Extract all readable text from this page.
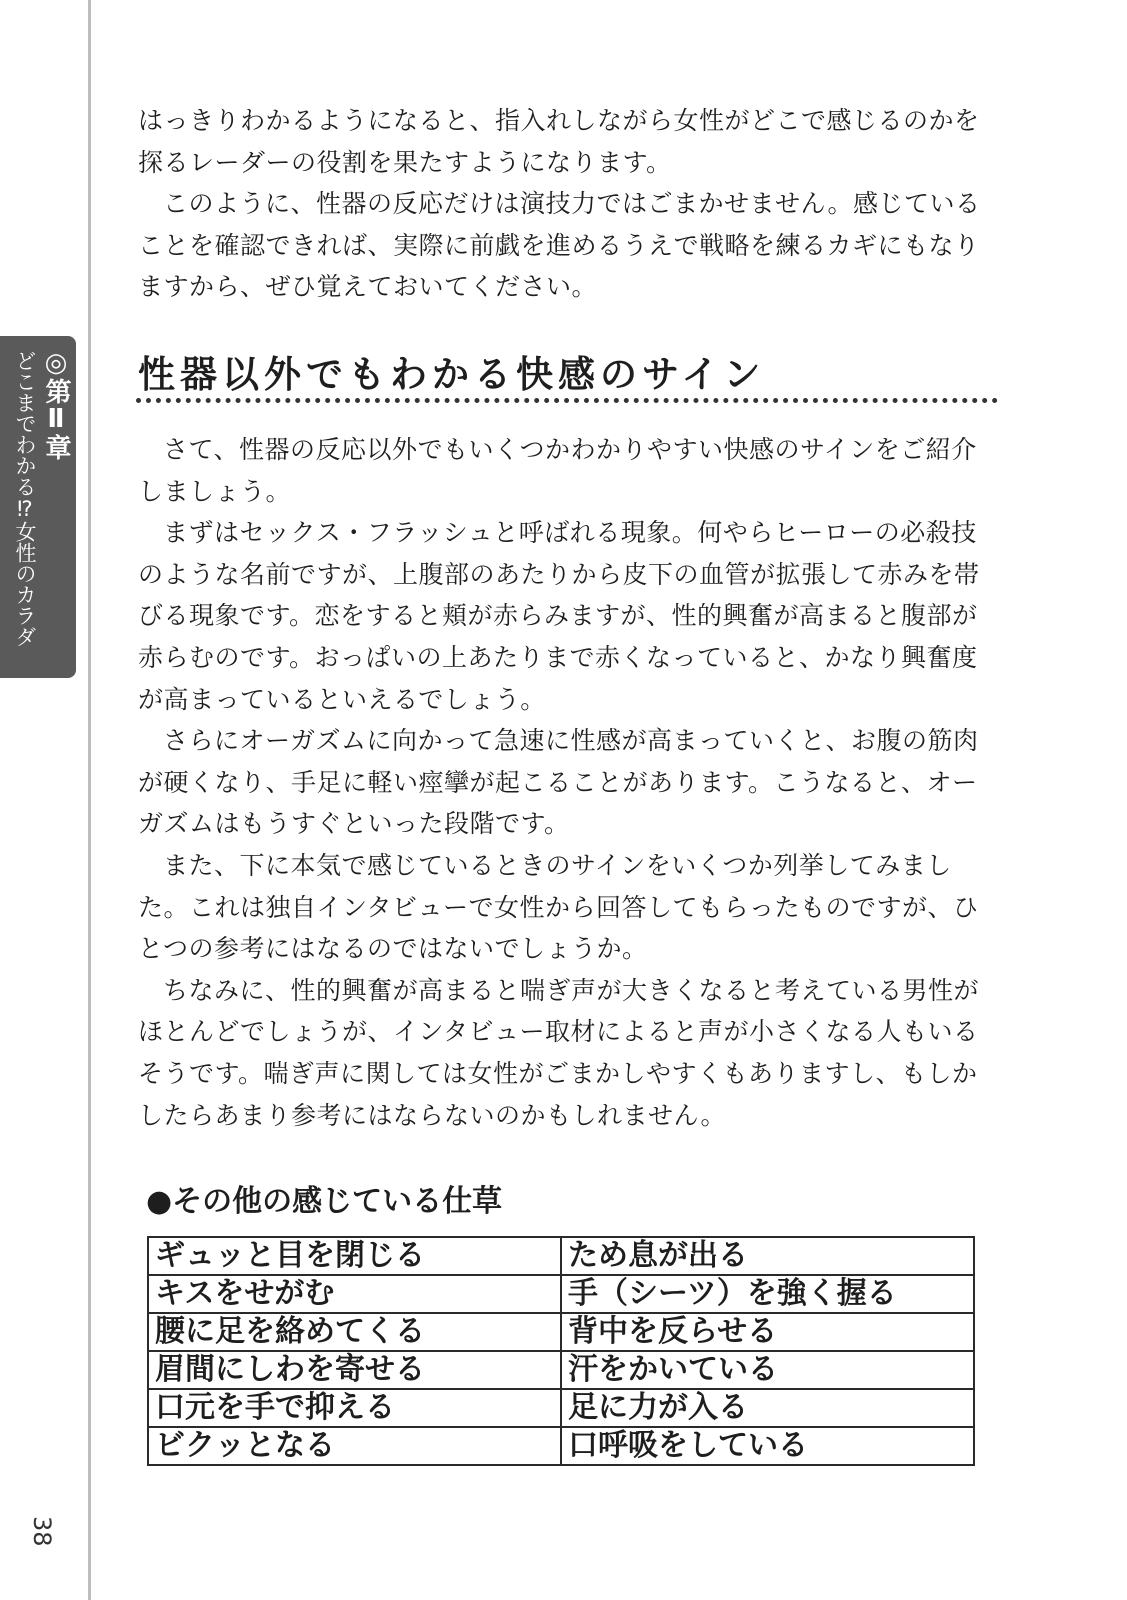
◎第Ⅱ章
どこまでわかる⁉女性のカラダ
38

はっきりわかるようになると、指入れしながら女性がどこで感じるのかを探るレーダーの役割を果たすようになります。

このように、性器の反応だけは演技力ではごまかせません。感じていることを確認できれば、実際に前戯を進めるうえで戦略を練るカギにもなりますから、ぜひ覚えておいてください。

性器以外でもわかる快感のサイン

さて、性器の反応以外でもいくつかわかりやすい快感のサインをご紹介しましょう。

まずはセックス・フラッシュと呼ばれる現象。何やらヒーローの必殺技のような名前ですが、上腹部のあたりから皮下の血管が拡張して赤みを帯びる現象です。恋をすると頬が赤らみますが、性的興奮が高まると腹部が赤らむのです。おっぱいの上あたりまで赤くなっていると、かなり興奮度が高まっているといえるでしょう。

さらにオーガズムに向かって急速に性感が高まっていくと、お腹の筋肉が硬くなり、手足に軽い痙攣が起こることがあります。こうなると、オーガズムはもうすぐといった段階です。

また、下に本気で感じているときのサインをいくつか列挙してみました。これは独自インタビューで女性から回答してもらったものですが、ひとつの参考にはなるのではないでしょうか。

ちなみに、性的興奮が高まると喘ぎ声が大きくなると考えている男性がほとんどでしょうが、インタビュー取材によると声が小さくなる人もいるそうです。喘ぎ声に関しては女性がごまかしやすくもありますし、もしかしたらあまり参考にはならないのかもしれません。

●その他の感じている仕草
ギュッと目を閉じる	ため息が出る
キスをせがむ	手（シーツ）を強く握る
腰に足を絡めてくる	背中を反らせる
眉間にしわを寄せる	汗をかいている
口元を手で抑える	足に力が入る
ビクッとなる	口呼吸をしている
